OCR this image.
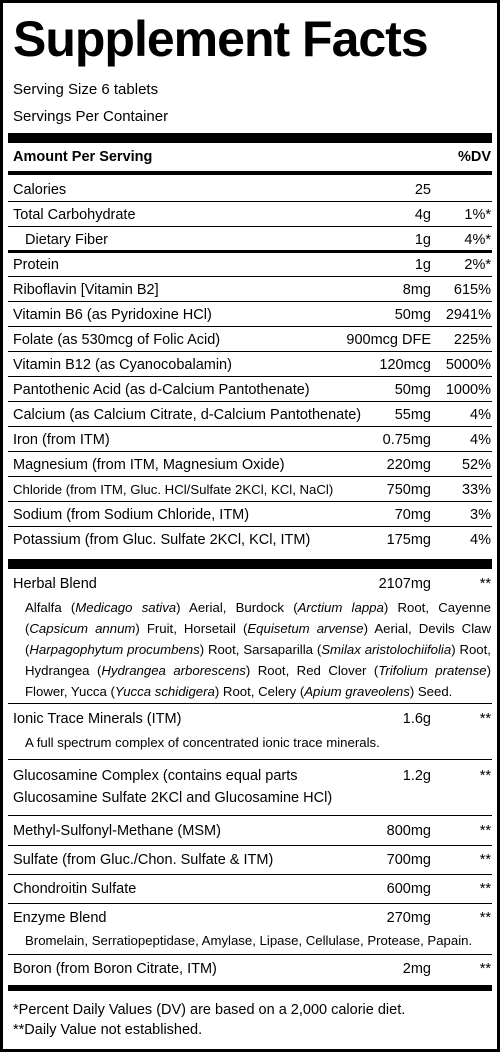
Supplement Facts
Serving Size 6 tablets
Servings Per Container
Amount Per Serving	%DV
Calories	25
Total Carbohydrate	4g 1%*
Dietary Fiber	1g 4%*
Protein	1g 2%*
Riboflavin [Vitamin B2]	8mg 615%
Vitamin B6 (as Pyridoxine HCl)	50mg 2941%
Folate (as 530mcg of Folic Acid)	900mcg DFE 225%
Vitamin B12 (as Cyanocobalamin)	120mcg 5000%
Pantothenic Acid (as d-Calcium Pantothenate)	50mg 1000%
Calcium (as Calcium Citrate, d-Calcium Pantothenate) 55mg	4%
Iron (from ITM)	0.75mg	4%
Magnesium (from ITM, Magnesium Oxide)	220mg 52%
Chloride (from ITM, Gluc. HCl/Sulfate 2KCl, KCl, NaCl)	750mg 33%
Sodium (from Sodium Chloride, ITM)	70mg	3%
Potassium (from Gluc. Sulfate 2KCl, KCl, ITM)	175mg	4%
Herbal Blend	2107mg	**
Alfalfa (Medicago sativa) Aerial, Burdock (Arctium lappa) Root, Cayenne (Capsicum annum) Fruit, Horsetail (Equisetum arvense) Aerial, Devils Claw (Harpagophytum procumbens) Root, Sarsaparilla (Smilax aristolochiifolia) Root, Hydrangea (Hydrangea arborescens) Root, Red Clover (Trifolium pratense) Flower, Yucca (Yucca schidigera) Root, Celery (Apium graveolens) Seed.
Ionic Trace Minerals (ITM)	1.6g	**
A full spectrum complex of concentrated ionic trace minerals.
Glucosamine Complex (contains equal parts	1.2g	**
Glucosamine Sulfate 2KCl and Glucosamine HCl)
Methyl-Sulfonyl-Methane (MSM)	800mg	**
Sulfate (from Gluc./Chon. Sulfate & ITM)	700mg	**
Chondroitin Sulfate	600mg	**
Enzyme Blend	270mg	**
Bromelain, Serratiopeptidase, Amylase, Lipase, Cellulase, Protease, Papain.
Boron (from Boron Citrate, ITM)	2mg	**
*Percent Daily Values (DV) are based on a 2,000 calorie diet.
**Daily Value not established.
